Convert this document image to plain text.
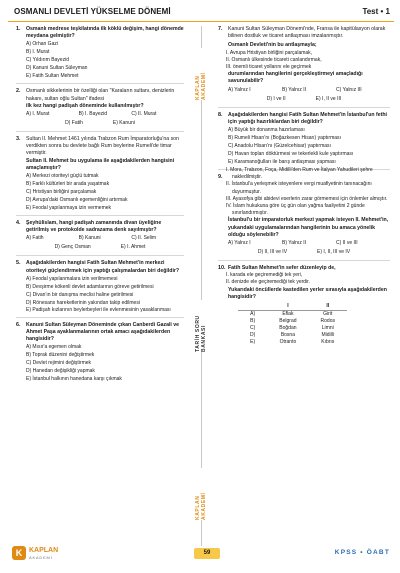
OSMANLI DEVLETİ YÜKSELME DÖNEMİ	Test • 1
KAPLAN AKADEMİ
TARİH SORU BANKASI
KAPLAN AKADEMİ
1. Osmanlı medrese teşkilatında ilk köklü değişim, hangi dönemde meydana gelmiştir?
A) Orhan Gazi
B) I. Murat
C) Yıldırım Bayezid
D) Kanuni Sultan Süleyman
E) Fatih Sultan Mehmet
2. Osmanlı sikkelerinin bir özelliği olan "Karaların sultanı, denizlerin hakanı, sultan oğlu Sultan" ifadesi
ilk kez hangi padişah döneminde kullanılmıştır?
A) I. Murat	B) I. Bayezid	C) II. Murat
D) Fatih	E) Kanuni
3. Sultan II. Mehmet 1461 yılında Trabzon Rum İmparatorluğu'na son verdikten sonra bu devlete bağlı Rum beylerine Rumeli'de timar vermiştir.
Sultan II. Mehmet bu uygulama ile aşağıdakilerden hangisini amaçlamıştır?
A) Merkezi otoriteyi güçlü tutmak
B) Farklı kültürleri bir arada yaşatmak
C) Hristiyan birliğini parçalamak
D) Avrupa'daki Osmanlı egemenliğini artırmak
E) Feodal yapılanmaya izin vermemek
4. Şeyhülislam, hangi padişah zamanında divan üyeliğine getirilmiş ve protokolde sadrazama denk sayılmıştır?
A) Fatih	B) Kanuni	C) II. Selim
D) Genç Osman	E) I. Ahmet
5. Aşağıdakilerden hangisi Fatih Sultan Mehmet'in merkezi otoriteyi güçlendirmek için yaptığı çalışmalardan biri değildir?
A) Feodal yapılanmalara izin verilmemesi
B) Devşirme kökenli devlet adamlarının göreve getirilmesi
C) Divan'ın bir danışma meclisi haline getirilmesi
D) Rönesans hareketlerinin yakından takip edilmesi
E) Padişah kızlarının beylerbeyleri ile evlenmesinin yasaklanması
6. Kanuni Sultan Süleyman Döneminde çıkan Canberdi Gazali ve Ahmet Paşa ayaklanmalarının ortak amacı aşağıdakilerden hangisidir?
A) Mısır'a egemen olmak
B) Toprak düzenini değiştirmek
C) Devlet rejimini değiştirmek
D) Hanedan değişikliği yapmak
E) İstanbul halkının hanedana karşı çıkmak
7. Kanuni Sultan Süleyman Dönemi'nde, Fransa ile kapitülasyon olarak bilinen dostluk ve ticaret antlaşması imzalanmıştır.
Osmanlı Devleti'nin bu antlaşmayla;
I. Avrupa Hristiyan birliğini parçalamak,
II. Osmanlı ülkesinde ticareti canlandırmak,
III. önemli ticaret yollarını ele geçirmek
durumlarından hangilerini gerçekleştirmeyi amaçladığı savunulabilir?
A) Yalnız I	B) Yalnız II	C) Yalnız III
D) I ve II	E) I, II ve III
8. Aşağıdakilerden hangisi Fatih Sultan Mehmet'in İstanbul'un fethi için yaptığı hazırlıklardan biri değildir?
A) Büyük bir donanma hazırlaması
B) Rumeli Hisarı'nı (Boğazkesen Hisarı) yaptırması
C) Anadolu Hisarı'nı (Güzelcehisar) yaptırması
D) Havan topları döktürmesi ve tekerlekli kule yaptırması
E) Karamanoğulları ile barış antlaşması yapması
9.
I. Mora, Trabzon, Foça, Midilli'den Rum ve İtalyan Yahudileri şehre nakledilmiştir.
II. İstanbul'a yerleşmek isteyenlere vergi muafiyetinin tanınacağını duyurmuştur.
III. Ayasofya gibi abidevi eserlerin zarar görmemesi için önlemler almıştır.
IV. İslam hukukuna göre üç gün olan yağma faaliyetini 2 günde sınırlandırmıştır.
İstanbul'u bir imparatorluk merkezi yapmak isteyen II. Mehmet'in, yukarıdaki uygulamalarından hangilerinin bu amaca yönelik olduğu söylenebilir?
A) Yalnız I	B) Yalnız II	C) II ve III
D) II, III ve IV	E) I, II, III ve IV
10. Fatih Sultan Mehmet'in sefer düzenleyip de,
I. karada ele geçiremediği tek yeri,
II. denizde ele geçiremediği tek yerdir.
Yukarıdaki öncüllerde kastedilen yerler sırasıyla aşağıdakilerden hangisidir?
	I	II
A)	Eflak	Girit
B)	Belgrad	Rodos
C)	Boğdan	Limni
D)	Bosna	Midilli
E)	Otranto	Kıbrıs
K KAPLAN
AKADEMİ
59	KPSS • ÖABT
